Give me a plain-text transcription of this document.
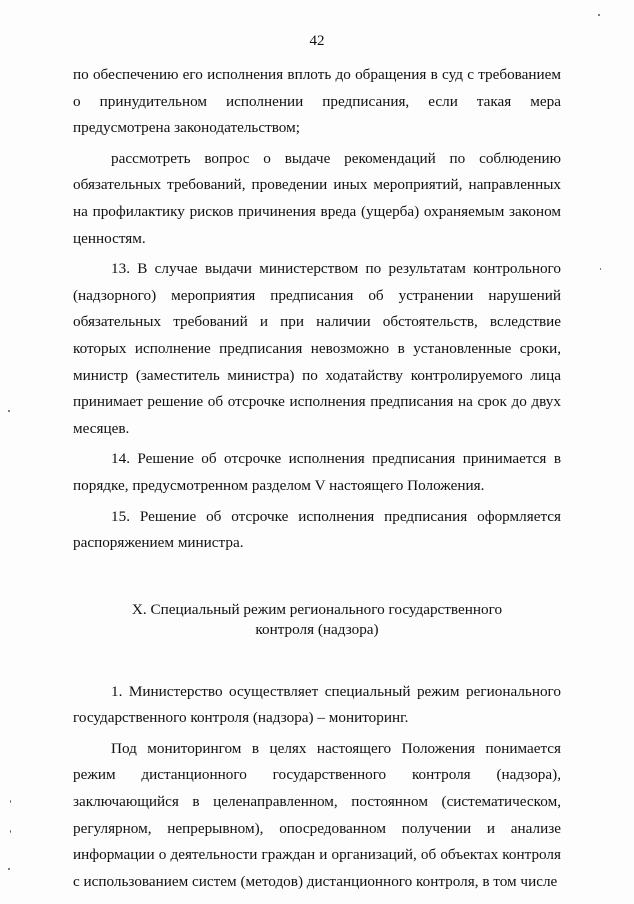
42

по обеспечению его исполнения вплоть до обращения в суд с требованием о принудительном исполнении предписания, если такая мера предусмотрена законодательством;

рассмотреть вопрос о выдаче рекомендаций по соблюдению обязательных требований, проведении иных мероприятий, направленных на профилактику рисков причинения вреда (ущерба) охраняемым законом ценностям.

13. В случае выдачи министерством по результатам контрольного (надзорного) мероприятия предписания об устранении нарушений обязательных требований и при наличии обстоятельств, вследствие которых исполнение предписания невозможно в установленные сроки, министр (заместитель министра) по ходатайству контролируемого лица принимает решение об отсрочке исполнения предписания на срок до двух месяцев.

14. Решение об отсрочке исполнения предписания принимается в порядке, предусмотренном разделом V настоящего Положения.

15. Решение об отсрочке исполнения предписания оформляется распоряжением министра.

X. Специальный режим регионального государственного
контроля (надзора)

1. Министерство осуществляет специальный режим регионального государственного контроля (надзора) – мониторинг.

Под мониторингом в целях настоящего Положения понимается режим дистанционного государственного контроля (надзора), заключающийся в целенаправленном, постоянном (систематическом, регулярном, непрерывном), опосредованном получении и анализе информации о деятельности граждан и организаций, об объектах контроля с использованием систем (методов) дистанционного контроля, в том числе
